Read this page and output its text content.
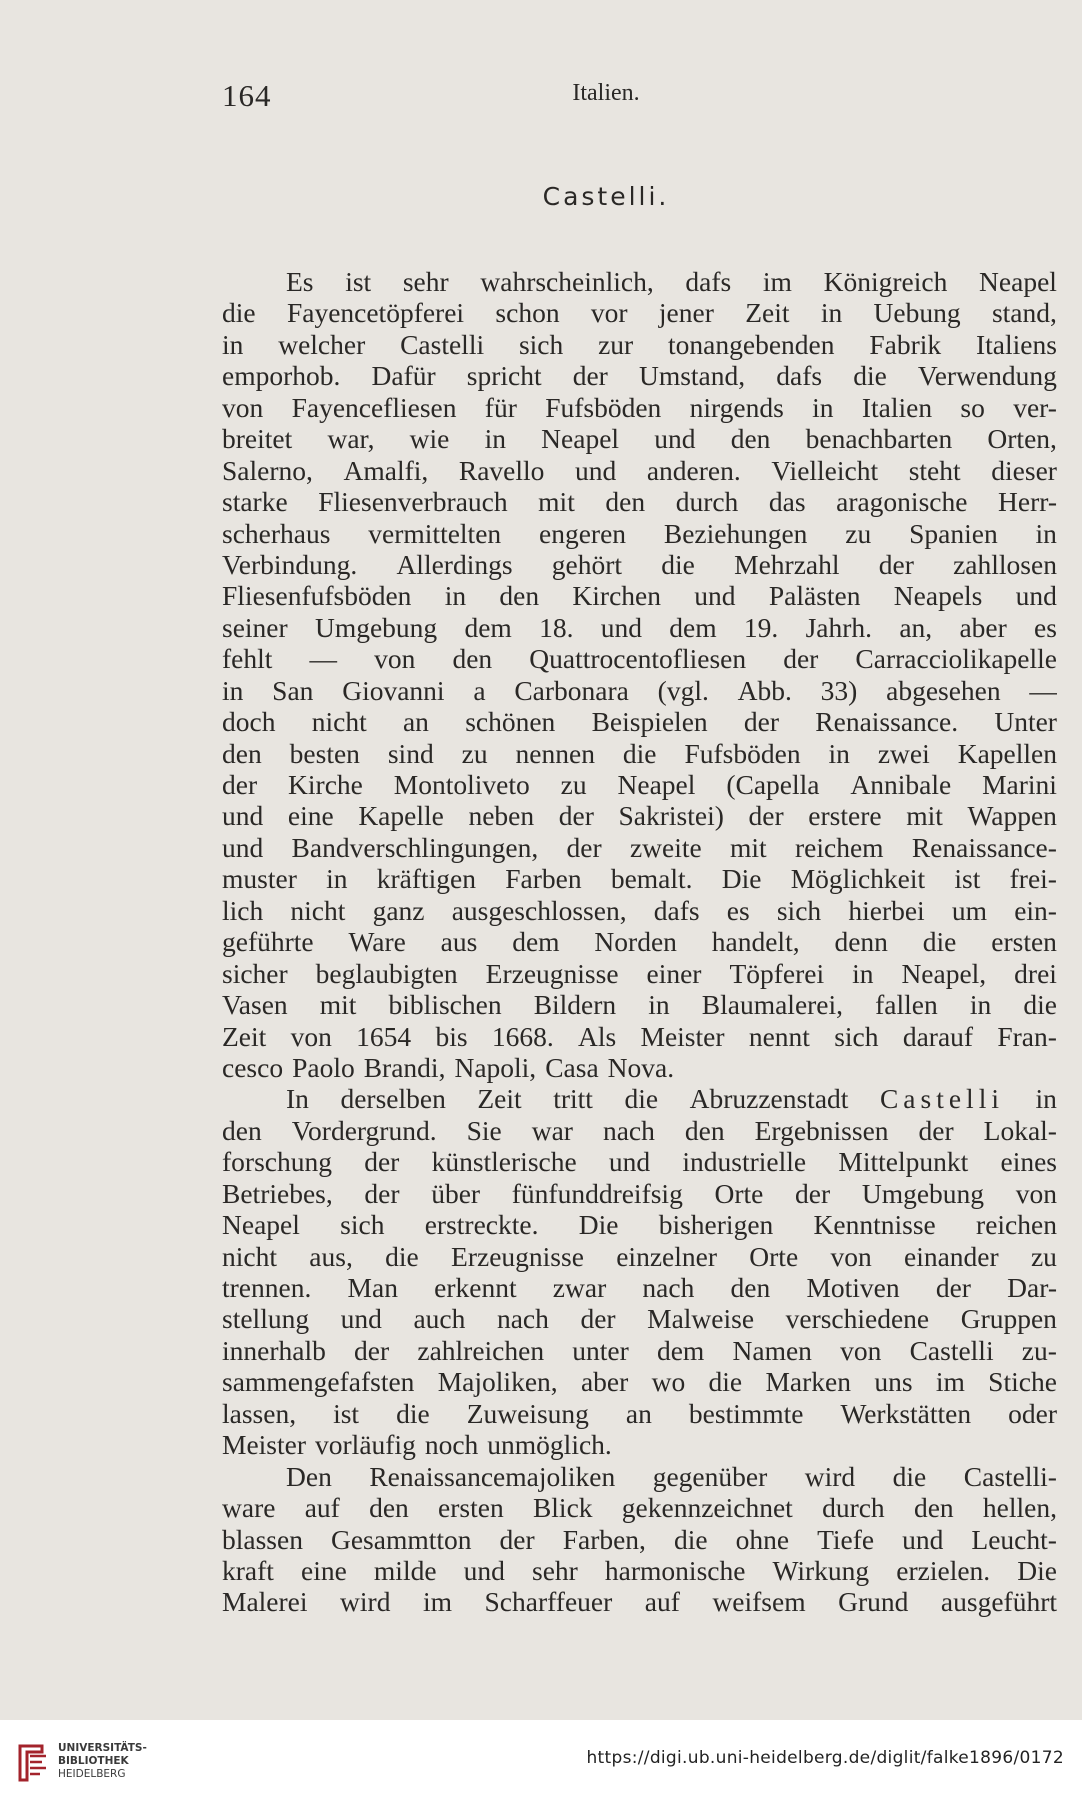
164	Italien.
Castelli.
Es ist sehr wahrscheinlich, dafs im Königreich Neapel
die Fayencetöpferei schon vor jener Zeit in Uebung stand,
in welcher Castelli sich zur tonangebenden Fabrik Italiens
emporhob. Dafür spricht der Umstand, dafs die Verwendung
von Fayencefliesen für Fufsböden nirgends in Italien so ver-
breitet war, wie in Neapel und den benachbarten Orten,
Salerno, Amalfi, Ravello und anderen. Vielleicht steht dieser
starke Fliesenverbrauch mit den durch das aragonische Herr-
scherhaus vermittelten engeren Beziehungen zu Spanien in
Verbindung. Allerdings gehört die Mehrzahl der zahllosen
Fliesenfufsböden in den Kirchen und Palästen Neapels und
seiner Umgebung dem 18. und dem 19. Jahrh. an, aber es
fehlt — von den Quattrocentofliesen der Carracciolikapelle
in San Giovanni a Carbonara (vgl. Abb. 33) abgesehen —
doch nicht an schönen Beispielen der Renaissance. Unter
den besten sind zu nennen die Fufsböden in zwei Kapellen
der Kirche Montoliveto zu Neapel (Capella Annibale Marini
und eine Kapelle neben der Sakristei) der erstere mit Wappen
und Bandverschlingungen, der zweite mit reichem Renaissance-
muster in kräftigen Farben bemalt. Die Möglichkeit ist frei-
lich nicht ganz ausgeschlossen, dafs es sich hierbei um ein-
geführte Ware aus dem Norden handelt, denn die ersten
sicher beglaubigten Erzeugnisse einer Töpferei in Neapel, drei
Vasen mit biblischen Bildern in Blaumalerei, fallen in die
Zeit von 1654 bis 1668. Als Meister nennt sich darauf Fran-
cesco Paolo Brandi, Napoli, Casa Nova.
In derselben Zeit tritt die Abruzzenstadt Castelli in
den Vordergrund. Sie war nach den Ergebnissen der Lokal-
forschung der künstlerische und industrielle Mittelpunkt eines
Betriebes, der über fünfunddreifsig Orte der Umgebung von
Neapel sich erstreckte. Die bisherigen Kenntnisse reichen
nicht aus, die Erzeugnisse einzelner Orte von einander zu
trennen. Man erkennt zwar nach den Motiven der Dar-
stellung und auch nach der Malweise verschiedene Gruppen
innerhalb der zahlreichen unter dem Namen von Castelli zu-
sammengefafsten Majoliken, aber wo die Marken uns im Stiche
lassen, ist die Zuweisung an bestimmte Werkstätten oder
Meister vorläufig noch unmöglich.
Den Renaissancemajoliken gegenüber wird die Castelli-
ware auf den ersten Blick gekennzeichnet durch den hellen,
blassen Gesammtton der Farben, die ohne Tiefe und Leucht-
kraft eine milde und sehr harmonische Wirkung erzielen. Die
Malerei wird im Scharffeuer auf weifsem Grund ausgeführt
UNIVERSITÄTS-
BIBLIOTHEK
HEIDELBERG
https://digi.ub.uni-heidelberg.de/diglit/falke1896/0172
